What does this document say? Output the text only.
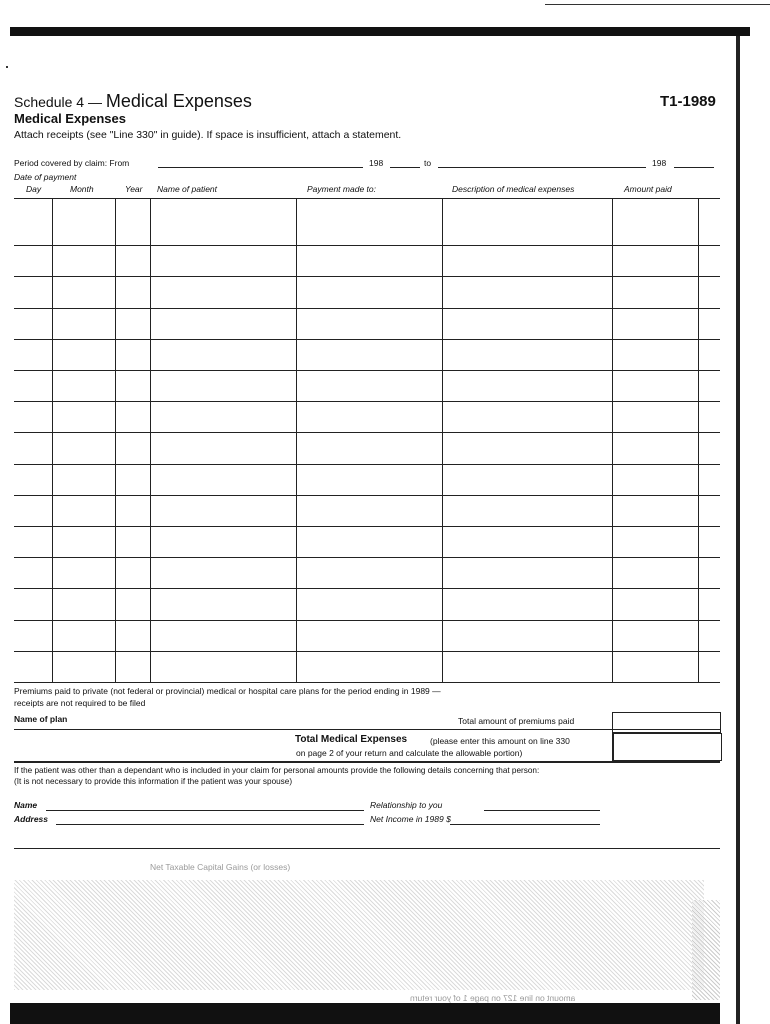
Schedule 4 — Medical Expenses	T1-1989
Medical Expenses
Attach receipts (see "Line 330" in guide). If space is insufficient, attach a statement.
Period covered by claim: From	198	to	198
Date of payment
Day	Month	Year Name of patient	Payment made to:	Description of medical expenses	Amount paid
Premiums paid to private (not federal or provincial) medical or hospital care plans for the period ending in 1989 —
receipts are not required to be filed
Name of plan	Total amount of premiums paid
Total Medical Expenses	(please enter this amount on line 330
on page 2 of your return and calculate the allowable portion)
If the patient was other than a dependant who is included in your claim for personal amounts provide the following details concerning that person:
(It is not necessary to provide this information if the patient was your spouse)
Name	Relationship to you
Address	Net Income in 1989 $
Net Taxable Capital Gains (or losses)
amount on line 127 on page 1 of your return
